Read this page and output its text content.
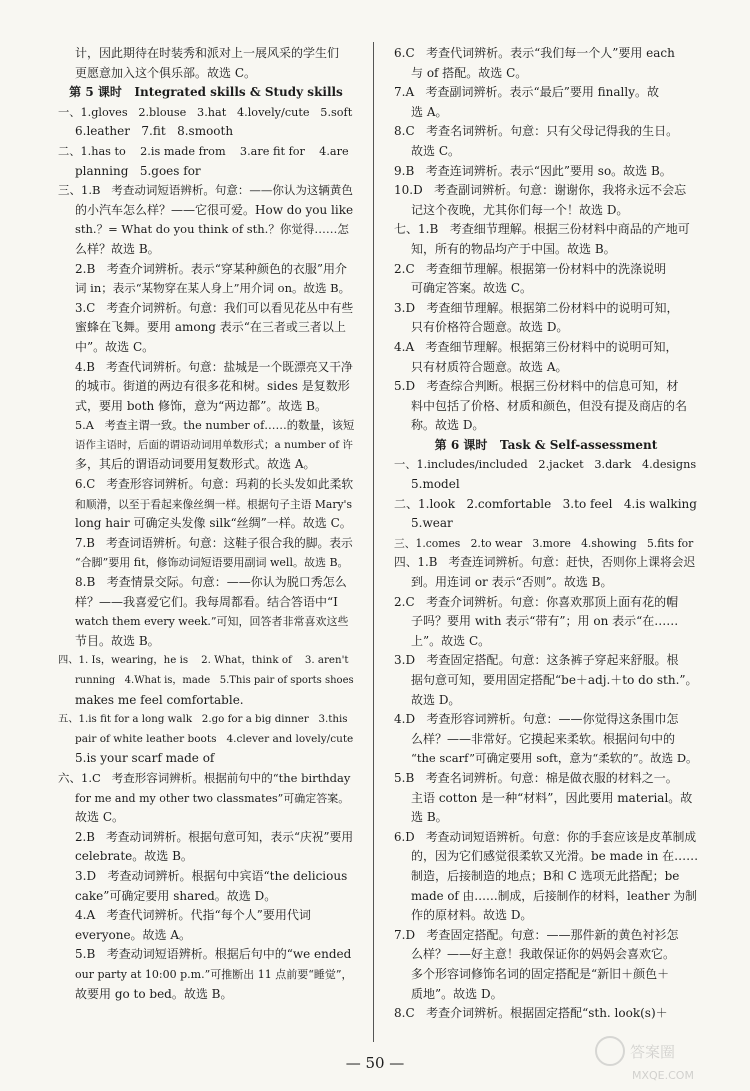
计，因此期待在时装秀和派对上一展风采的学生们
更愿意加入这个俱乐部。故选 C。
第 5 课时   Integrated skills & Study skills
一、1.gloves   2.blouse   3.hat   4.lovely/cute   5.soft
6.leather   7.fit   8.smooth
二、1.has to    2.is made from    3.are fit for    4.are
planning   5.goes for
三、1.B   考查动词短语辨析。句意：——你认为这辆黄色
的小汽车怎么样？——它很可爱。How do you like
sth.？= What do you think of sth.？你觉得……怎
么样？故选 B。
2.B   考查介词辨析。表示“穿某种颜色的衣服”用介
词 in；表示“某物穿在某人身上”用介词 on。故选 B。
3.C   考查介词辨析。句意：我们可以看见花丛中有些
蜜蜂在飞舞。要用 among 表示“在三者或三者以上
中”。故选 C。
4.B   考查代词辨析。句意：盐城是一个既漂亮又干净
的城市。街道的两边有很多花和树。sides 是复数形
式，要用 both 修饰，意为“两边都”。故选 B。
5.A   考查主谓一致。the number of……的数量，该短
语作主语时，后面的谓语动词用单数形式；a number of 许
多，其后的谓语动词要用复数形式。故选 A。
6.C   考查形容词辨析。句意：玛莉的长头发如此柔软
和顺滑，以至于看起来像丝绸一样。根据句子主语 Mary's
long hair 可确定头发像 silk“丝绸”一样。故选 C。
7.B   考查词语辨析。句意：这鞋子很合我的脚。表示
“合脚”要用 fit，修饰动词短语要用副词 well。故选 B。
8.B   考查情景交际。句意：——你认为脱口秀怎么
样？——我喜爱它们。我每周都看。结合答语中“I
watch them every week.”可知，回答者非常喜欢这些
节目。故选 B。
四、1. Is，wearing，he is    2. What，think of    3. aren't
running   4.What is，made   5.This pair of sports shoes
makes me feel comfortable.
五、1.is fit for a long walk   2.go for a big dinner   3.this
pair of white leather boots   4.clever and lovely/cute
5.is your scarf made of
六、1.C   考查形容词辨析。根据前句中的“the birthday
for me and my other two classmates”可确定答案。
故选 C。
2.B   考查动词辨析。根据句意可知，表示“庆祝”要用
celebrate。故选 B。
3.D   考查动词辨析。根据句中宾语“the delicious
cake”可确定要用 shared。故选 D。
4.A   考查代词辨析。代指“每个人”要用代词
everyone。故选 A。
5.B   考查动词短语辨析。根据后句中的“we ended
our party at 10:00 p.m.”可推断出 11 点前要“睡觉”，
故要用 go to bed。故选 B。
6.C   考查代词辨析。表示“我们每一个人”要用 each
与 of 搭配。故选 C。
7.A   考查副词辨析。表示“最后”要用 finally。故
选 A。
8.C   考查名词辨析。句意：只有父母记得我的生日。
故选 C。
9.B   考查连词辨析。表示“因此”要用 so。故选 B。
10.D   考查副词辨析。句意：谢谢你，我将永远不会忘
记这个夜晚，尤其你们每一个！故选 D。
七、1.B   考查细节理解。根据三份材料中商品的产地可
知，所有的物品均产于中国。故选 B。
2.C   考查细节理解。根据第一份材料中的洗涤说明
可确定答案。故选 C。
3.D   考查细节理解。根据第二份材料中的说明可知，
只有价格符合题意。故选 D。
4.A   考查细节理解。根据第三份材料中的说明可知，
只有材质符合题意。故选 A。
5.D   考查综合判断。根据三份材料中的信息可知，材
料中包括了价格、材质和颜色，但没有提及商店的名
称。故选 D。
第 6 课时   Task & Self-assessment
一、1.includes/included   2.jacket   3.dark   4.designs
5.model
二、1.look   2.comfortable   3.to feel   4.is walking
5.wear
三、1.comes   2.to wear   3.more   4.showing   5.fits for
四、1.B   考查连词辨析。句意：赶快，否则你上课将会迟
到。用连词 or 表示“否则”。故选 B。
2.C   考查介词辨析。句意：你喜欢那顶上面有花的帽
子吗？要用 with 表示“带有”；用 on 表示“在……
上”。故选 C。
3.D   考查固定搭配。句意：这条裤子穿起来舒服。根
据句意可知，要用固定搭配“be＋adj.＋to do sth.”。
故选 D。
4.D   考查形容词辨析。句意：——你觉得这条围巾怎
么样？——非常好。它摸起来柔软。根据问句中的
“the scarf”可确定要用 soft，意为“柔软的”。故选 D。
5.B   考查名词辨析。句意：棉是做衣服的材料之一。
主语 cotton 是一种“材料”，因此要用 material。故
选 B。
6.D   考查动词短语辨析。句意：你的手套应该是皮革制成
的，因为它们感觉很柔软又光滑。be made in 在……
制造，后接制造的地点；B和 C 选项无此搭配；be
made of 由……制成，后接制作的材料，leather 为制
作的原材料。故选 D。
7.D   考查固定搭配。句意：——那件新的黄色衬衫怎
么样？——好主意！我敢保证你的妈妈会喜欢它。
多个形容词修饰名词的固定搭配是“新旧＋颜色＋
质地”。故选 D。
8.C   考查介词辨析。根据固定搭配“sth. look(s)＋
— 50 —
答案圈
MXQE.COM
